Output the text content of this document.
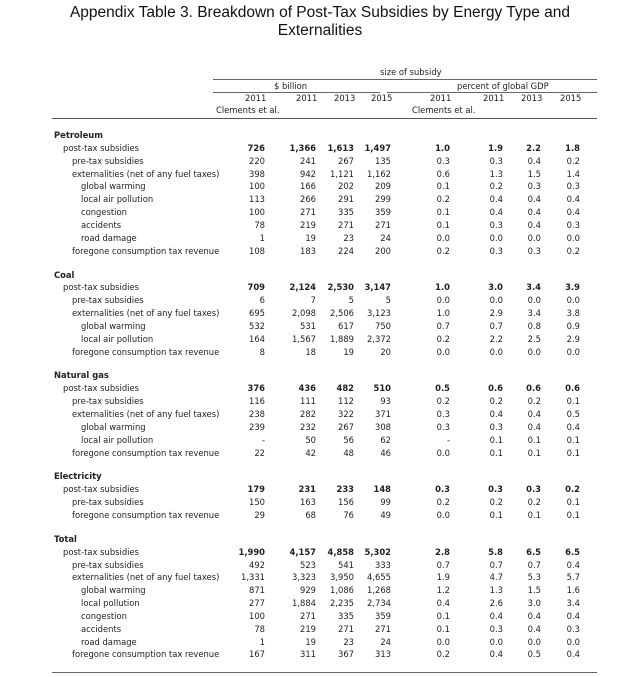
Appendix Table 3. Breakdown of Post-Tax Subsidies by Energy Type and
Externalities
size of subsidy
$ billion	percent of global GDP
2011	2011 2013 2015	2011	2011 2013 2015
Clements et al.	Clements et al.
Petroleum
post-tax subsidies	726	1,366	1,613	1,497	1.0	1.9	2.2	1.8
pre-tax subsidies	220	241	267	135	0.3	0.3	0.4	0.2
externalities (net of any fuel taxes)	398	942	1,121	1,162	0.6	1.3	1.5	1.4
global warming	100	166	202	209	0.1	0.2	0.3	0.3
local air pollution	113	266	291	299	0.2	0.4	0.4	0.4
congestion	100	271	335	359	0.1	0.4	0.4	0.4
accidents	78	219	271	271	0.1	0.3	0.4	0.3
road damage	1	19	23	24	0.0	0.0	0.0	0.0
foregone consumption tax revenue	108	183	224	200	0.2	0.3	0.3	0.2
Coal
post-tax subsidies	709	2,124	2,530	3,147	1.0	3.0	3.4	3.9
pre-tax subsidies	6	7	5	5	0.0	0.0	0.0	0.0
externalities (net of any fuel taxes)	695	2,098	2,506	3,123	1.0	2.9	3.4	3.8
global warming	532	531	617	750	0.7	0.7	0.8	0.9
local air pollution	164	1,567	1,889	2,372	0.2	2.2	2.5	2.9
foregone consumption tax revenue	8	18	19	20	0.0	0.0	0.0	0.0
Natural gas
post-tax subsidies	376	436	482	510	0.5	0.6	0.6	0.6
pre-tax subsidies	116	111	112	93	0.2	0.2	0.2	0.1
externalities (net of any fuel taxes)	238	282	322	371	0.3	0.4	0.4	0.5
global warming	239	232	267	308	0.3	0.3	0.4	0.4
local air pollution	-	50	56	62	-	0.1	0.1	0.1
foregone consumption tax revenue	22	42	48	46	0.0	0.1	0.1	0.1
Electricity
post-tax subsidies	179	231	233	148	0.3	0.3	0.3	0.2
pre-tax subsidies	150	163	156	99	0.2	0.2	0.2	0.1
foregone consumption tax revenue	29	68	76	49	0.0	0.1	0.1	0.1
Total
post-tax subsidies	1,990	4,157	4,858	5,302	2.8	5.8	6.5	6.5
pre-tax subsidies	492	523	541	333	0.7	0.7	0.7	0.4
externalities (net of any fuel taxes)	1,331	3,323	3,950	4,655	1.9	4.7	5.3	5.7
global warming	871	929	1,086	1,268	1.2	1.3	1.5	1.6
local pollution	277	1,884	2,235	2,734	0.4	2.6	3.0	3.4
congestion	100	271	335	359	0.1	0.4	0.4	0.4
accidents	78	219	271	271	0.1	0.3	0.4	0.3
road damage	1	19	23	24	0.0	0.0	0.0	0.0
foregone consumption tax revenue	167	311	367	313	0.2	0.4	0.5	0.4
